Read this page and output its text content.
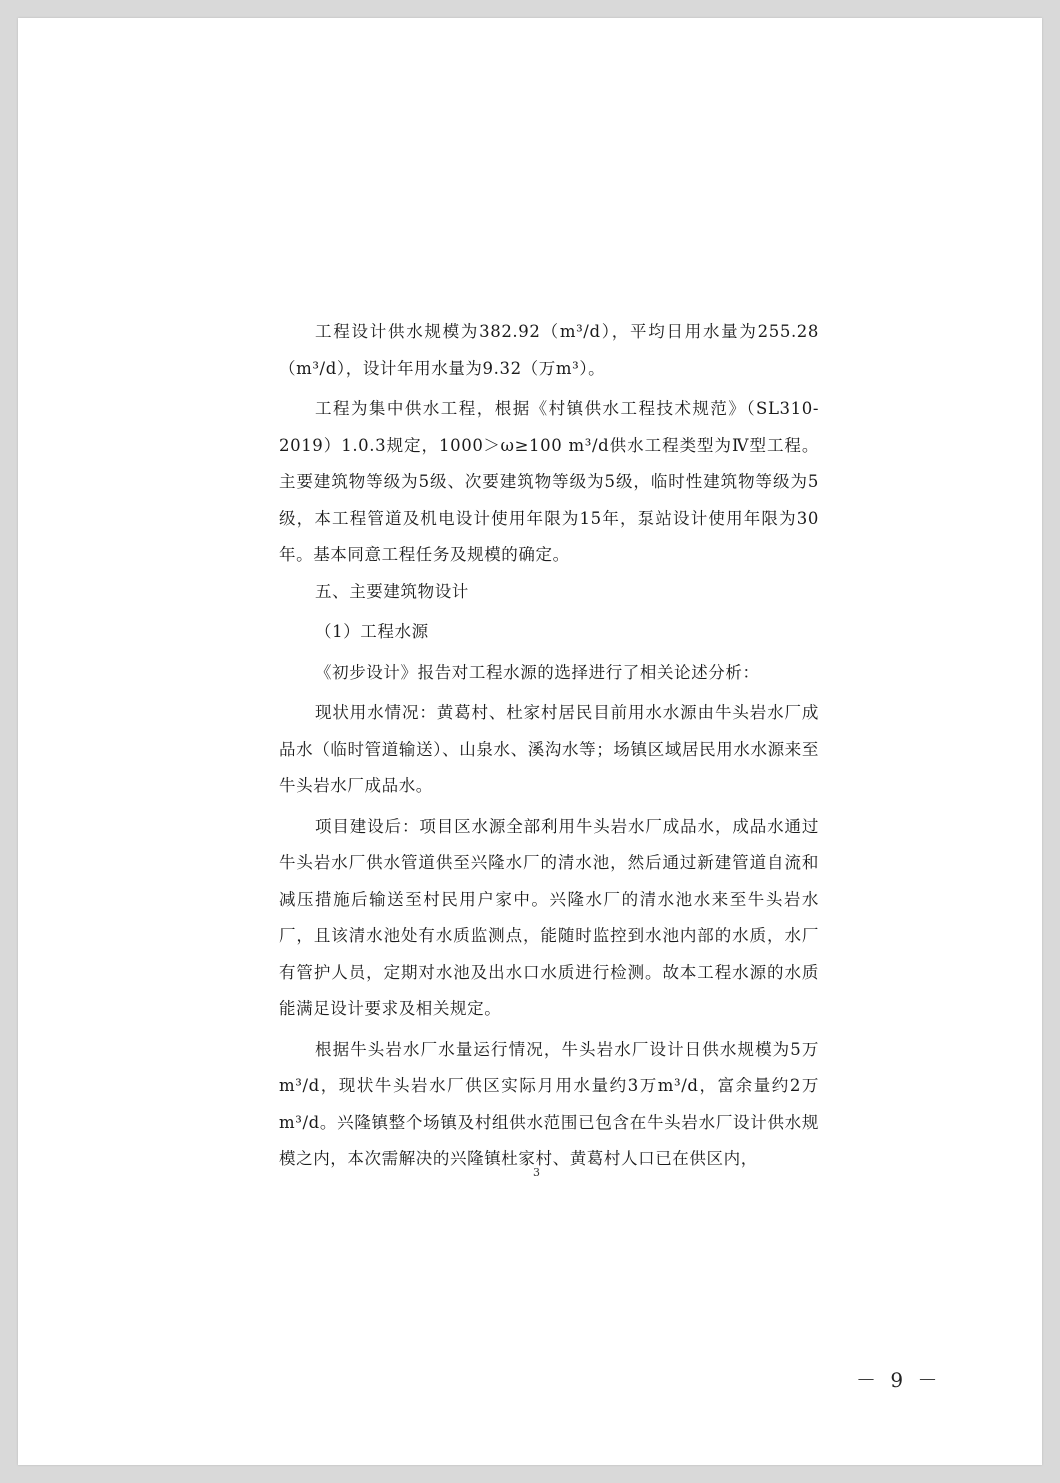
工程设计供水规模为382.92（m³/d），平均日用水量为255.28（m³/d），设计年用水量为9.32（万m³）。

工程为集中供水工程，根据《村镇供水工程技术规范》（SL310-2019）1.0.3规定，1000＞ω≥100 m³/d供水工程类型为Ⅳ型工程。主要建筑物等级为5级、次要建筑物等级为5级，临时性建筑物等级为5级，本工程管道及机电设计使用年限为15年，泵站设计使用年限为30年。基本同意工程任务及规模的确定。

五、主要建筑物设计

（1）工程水源

《初步设计》报告对工程水源的选择进行了相关论述分析：

现状用水情况：黄葛村、杜家村居民目前用水水源由牛头岩水厂成品水（临时管道输送）、山泉水、溪沟水等；场镇区域居民用水水源来至牛头岩水厂成品水。

项目建设后：项目区水源全部利用牛头岩水厂成品水，成品水通过牛头岩水厂供水管道供至兴隆水厂的清水池，然后通过新建管道自流和减压措施后输送至村民用户家中。兴隆水厂的清水池水来至牛头岩水厂，且该清水池处有水质监测点，能随时监控到水池内部的水质，水厂有管护人员，定期对水池及出水口水质进行检测。故本工程水源的水质能满足设计要求及相关规定。

根据牛头岩水厂水量运行情况，牛头岩水厂设计日供水规模为5万m³/d，现状牛头岩水厂供区实际月用水量约3万m³/d，富余量约2万m³/d。兴隆镇整个场镇及村组供水范围已包含在牛头岩水厂设计供水规模之内，本次需解决的兴隆镇杜家村、黄葛村人口已在供区内，

3
－ 9 －
